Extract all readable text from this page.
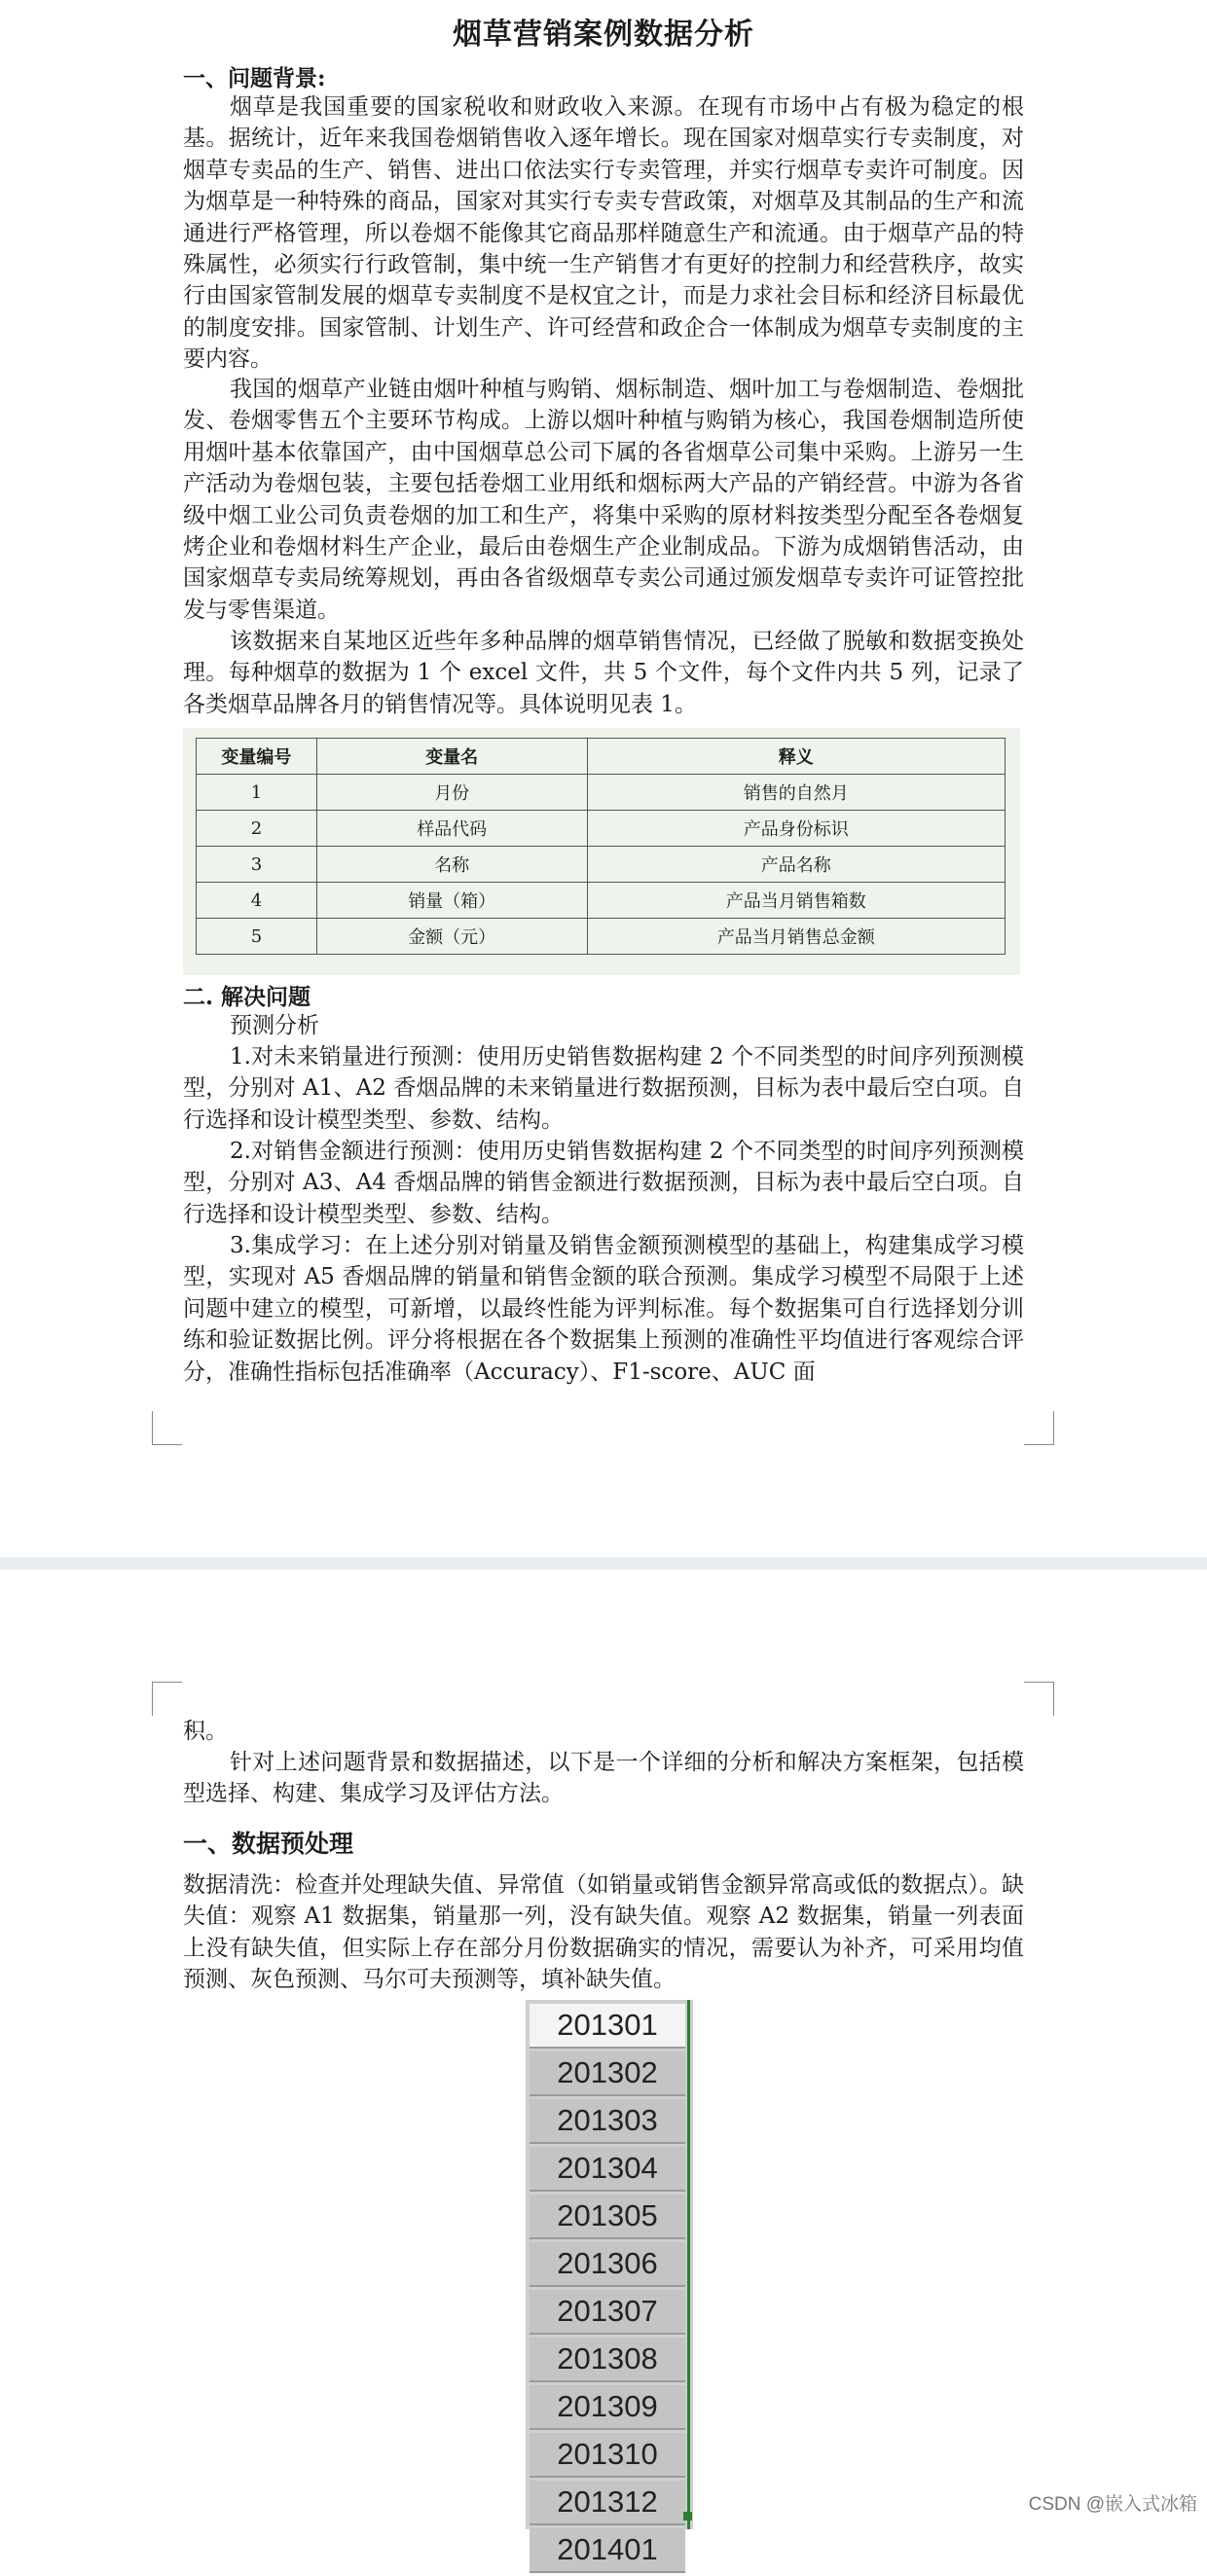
烟草营销案例数据分析
一、问题背景:

烟草是我国重要的国家税收和财政收入来源。在现有市场中占有极为稳定的根基。据统计，近年来我国卷烟销售收入逐年增长。现在国家对烟草实行专卖制度，对烟草专卖品的生产、销售、进出口依法实行专卖管理，并实行烟草专卖许可制度。因为烟草是一种特殊的商品，国家对其实行专卖专营政策，对烟草及其制品的生产和流通进行严格管理，所以卷烟不能像其它商品那样随意生产和流通。由于烟草产品的特殊属性，必须实行行政管制，集中统一生产销售才有更好的控制力和经营秩序，故实行由国家管制发展的烟草专卖制度不是权宜之计，而是力求社会目标和经济目标最优的制度安排。国家管制、计划生产、许可经营和政企合一体制成为烟草专卖制度的主要内容。

我国的烟草产业链由烟叶种植与购销、烟标制造、烟叶加工与卷烟制造、卷烟批发、卷烟零售五个主要环节构成。上游以烟叶种植与购销为核心，我国卷烟制造所使用烟叶基本依靠国产，由中国烟草总公司下属的各省烟草公司集中采购。上游另一生产活动为卷烟包装，主要包括卷烟工业用纸和烟标两大产品的产销经营。中游为各省级中烟工业公司负责卷烟的加工和生产，将集中采购的原材料按类型分配至各卷烟复烤企业和卷烟材料生产企业，最后由卷烟生产企业制成品。下游为成烟销售活动，由国家烟草专卖局统筹规划，再由各省级烟草专卖公司通过颁发烟草专卖许可证管控批发与零售渠道。

该数据来自某地区近些年多种品牌的烟草销售情况，已经做了脱敏和数据变换处理。每种烟草的数据为 1 个 excel 文件，共 5 个文件，每个文件内共 5 列，记录了各类烟草品牌各月的销售情况等。具体说明见表 1。

变量编号	变量名	释义
1	月份	销售的自然月
2	样品代码	产品身份标识
3	名称	产品名称
4	销量（箱）	产品当月销售箱数
5	金额（元）	产品当月销售总金额
二. 解决问题
预测分析

1.对未来销量进行预测：使用历史销售数据构建 2 个不同类型的时间序列预测模型，分别对 A1、A2 香烟品牌的未来销量进行数据预测，目标为表中最后空白项。自行选择和设计模型类型、参数、结构。

2.对销售金额进行预测：使用历史销售数据构建 2 个不同类型的时间序列预测模型，分别对 A3、A4 香烟品牌的销售金额进行数据预测，目标为表中最后空白项。自行选择和设计模型类型、参数、结构。

3.集成学习：在上述分别对销量及销售金额预测模型的基础上，构建集成学习模型，实现对 A5 香烟品牌的销量和销售金额的联合预测。集成学习模型不局限于上述问题中建立的模型，可新增，以最终性能为评判标准。每个数据集可自行选择划分训练和验证数据比例。评分将根据在各个数据集上预测的准确性平均值进行客观综合评分，准确性指标包括准确率（Accuracy）、F1-score、AUC 面

积。

针对上述问题背景和数据描述，以下是一个详细的分析和解决方案框架，包括模型选择、构建、集成学习及评估方法。

一、数据预处理

数据清洗：检查并处理缺失值、异常值（如销量或销售金额异常高或低的数据点）。缺失值：观察 A1 数据集，销量那一列，没有缺失值。观察 A2 数据集，销量一列表面上没有缺失值，但实际上存在部分月份数据确实的情况，需要认为补齐，可采用均值预测、灰色预测、马尔可夫预测等，填补缺失值。

201301
201302
201303
201304
201305
201306
201307
201308
201309
201310
201312
201401
CSDN @嵌入式冰箱
